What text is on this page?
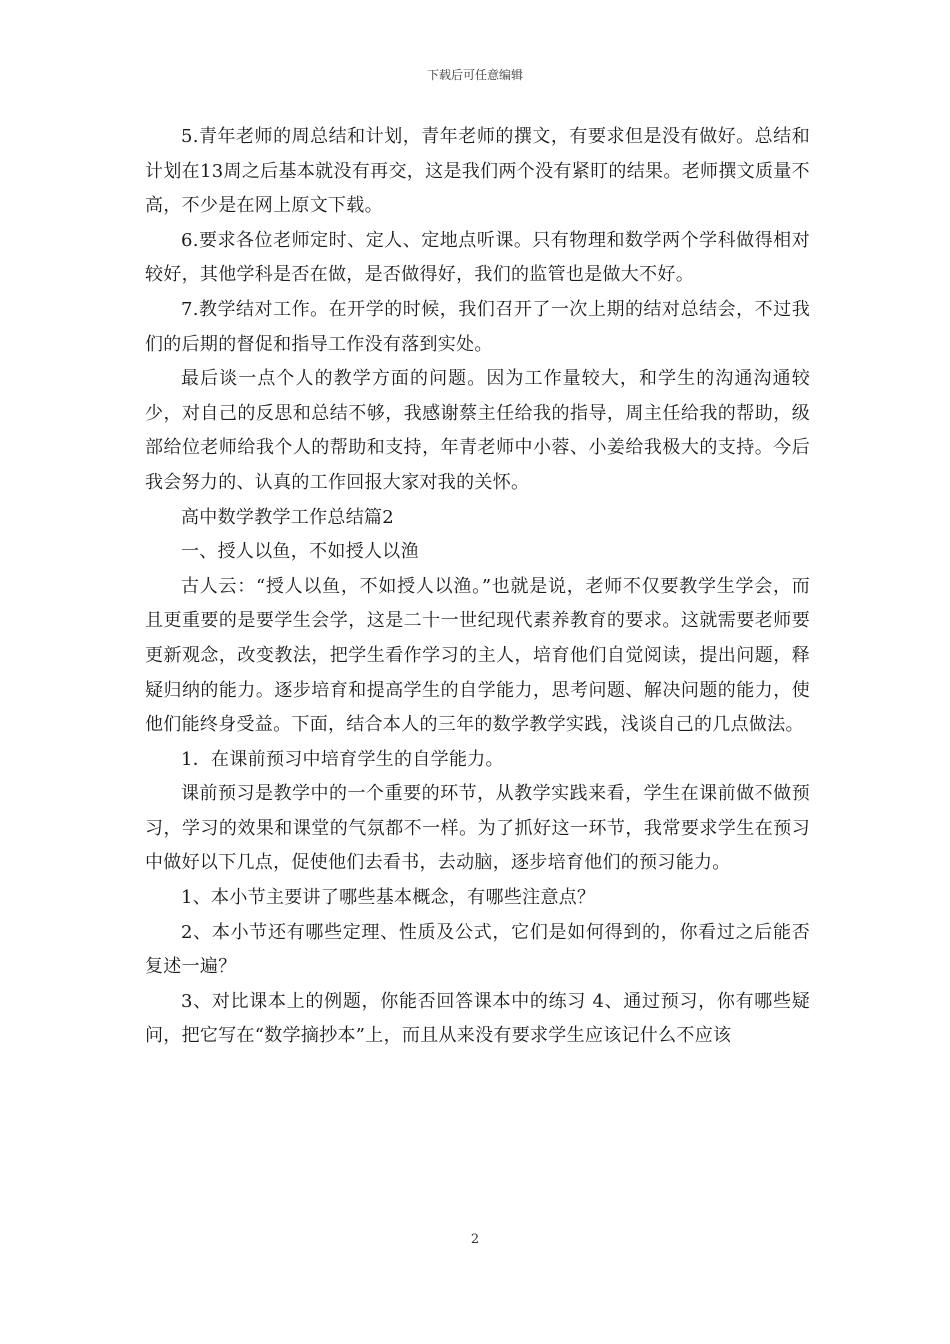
下载后可任意编辑

5.青年老师的周总结和计划，青年老师的撰文，有要求但是没有做好。总结和计划在13周之后基本就没有再交，这是我们两个没有紧盯的结果。老师撰文质量不高，不少是在网上原文下载。

6.要求各位老师定时、定人、定地点听课。只有物理和数学两个学科做得相对较好，其他学科是否在做，是否做得好，我们的监管也是做大不好。

7.教学结对工作。在开学的时候，我们召开了一次上期的结对总结会，不过我们的后期的督促和指导工作没有落到实处。

最后谈一点个人的教学方面的问题。因为工作量较大，和学生的沟通沟通较少，对自己的反思和总结不够，我感谢蔡主任给我的指导，周主任给我的帮助，级部给位老师给我个人的帮助和支持，年青老师中小蓉、小姜给我极大的支持。今后我会努力的、认真的工作回报大家对我的关怀。

高中数学教学工作总结篇2

一、授人以鱼，不如授人以渔

古人云：“授人以鱼，不如授人以渔。”也就是说，老师不仅要教学生学会，而且更重要的是要学生会学，这是二十一世纪现代素养教育的要求。这就需要老师要更新观念，改变教法，把学生看作学习的主人，培育他们自觉阅读，提出问题，释疑归纳的能力。逐步培育和提高学生的自学能力，思考问题、解决问题的能力，使他们能终身受益。下面，结合本人的三年的数学教学实践，浅谈自己的几点做法。

1．在课前预习中培育学生的自学能力。

课前预习是教学中的一个重要的环节，从教学实践来看，学生在课前做不做预习，学习的效果和课堂的气氛都不一样。为了抓好这一环节，我常要求学生在预习中做好以下几点，促使他们去看书，去动脑，逐步培育他们的预习能力。

1、本小节主要讲了哪些基本概念，有哪些注意点？

2、本小节还有哪些定理、性质及公式，它们是如何得到的，你看过之后能否复述一遍？

3、对比课本上的例题，你能否回答课本中的练习 4、通过预习，你有哪些疑问，把它写在“数学摘抄本”上，而且从来没有要求学生应该记什么不应该

2
